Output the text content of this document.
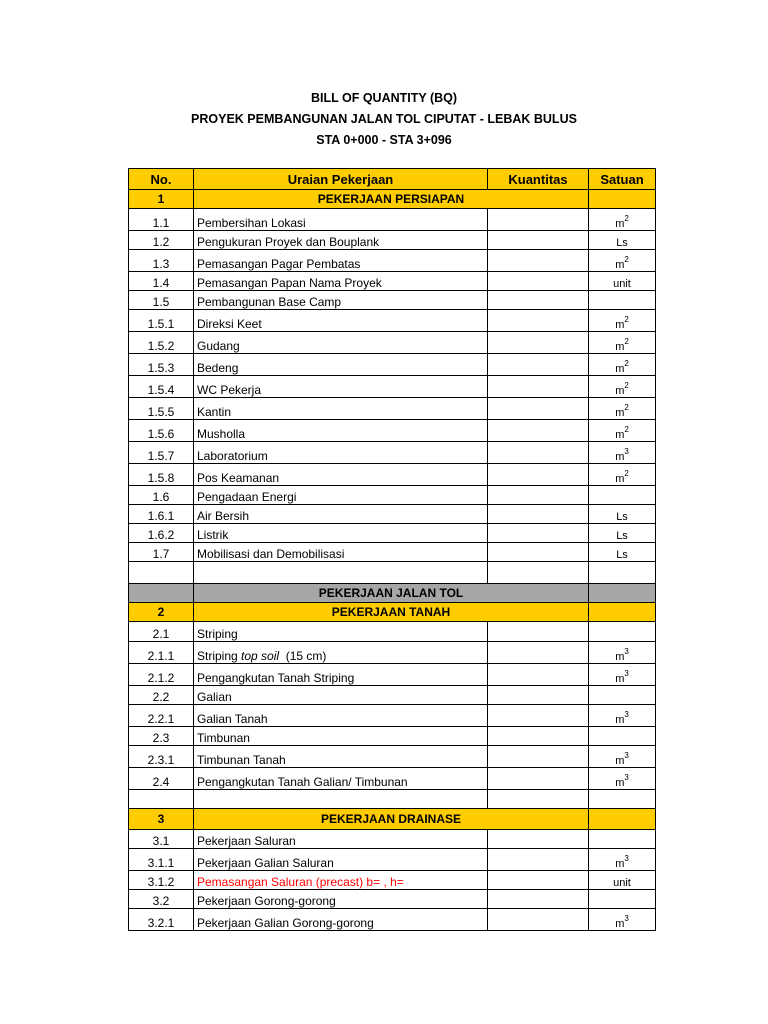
BILL OF QUANTITY (BQ)
PROYEK PEMBANGUNAN JALAN TOL CIPUTAT - LEBAK BULUS
STA 0+000 - STA 3+096
No.	Uraian Pekerjaan	Kuantitas	Satuan
1	PEKERJAAN PERSIAPAN		
1.1	Pembersihan Lokasi		$m^2$
1.2	Pengukuran Proyek dan Bouplank		Ls
1.3	Pemasangan Pagar Pembatas		$m^2$
1.4	Pemasangan Papan Nama Proyek		unit
1.5	Pembangunan Base Camp		
1.5.1	Direksi Keet		$m^2$
1.5.2	Gudang		$m^2$
1.5.3	Bedeng		$m^2$
1.5.4	WC Pekerja		$m^2$
1.5.5	Kantin		$m^2$
1.5.6	Musholla		$m^2$
1.5.7	Laboratorium		$m^3$
1.5.8	Pos Keamanan		$m^2$
1.6	Pengadaan Energi		
1.6.1	Air Bersih		Ls
1.6.2	Listrik		Ls
1.7	Mobilisasi dan Demobilisasi		Ls

	PEKERJAAN JALAN TOL		
2	PEKERJAAN TANAH		
2.1	Striping		
2.1.1	Striping top soil  (15 cm)		$m^3$
2.1.2	Pengangkutan Tanah Striping		$m^3$
2.2	Galian		
2.2.1	Galian Tanah		$m^3$
2.3	Timbunan		
2.3.1	Timbunan Tanah		$m^3$
2.4	Pengangkutan Tanah Galian/ Timbunan		$m^3$

3	PEKERJAAN DRAINASE		
3.1	Pekerjaan Saluran		
3.1.1	Pekerjaan Galian Saluran		$m^3$
3.1.2	Pemasangan Saluran (precast) b= , h=		unit
3.2	Pekerjaan Gorong-gorong		
3.2.1	Pekerjaan Galian Gorong-gorong		$m^3$
